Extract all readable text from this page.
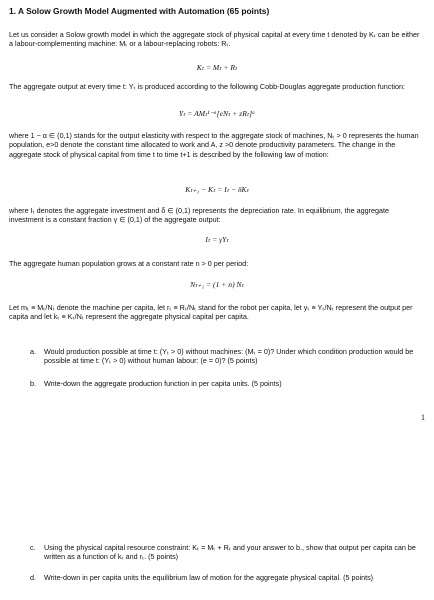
1. A Solow Growth Model Augmented with Automation (65 points)

Let us consider a Solow growth model in which the aggregate stock of physical capital at every time t denoted by Kₜ can be either a labour-complementing machine: Mₜ or a labour-replacing robots: Rₜ.

Kₜ = Mₜ + Rₜ

The aggregate output at every time t: Yₜ is produced according to the following Cobb-Douglas aggregate production function:

Yₜ = AMₜ¹⁻ᵅ[eNₜ + zRₜ]ᵅ

where 1 − α ∈ (0,1) stands for the output elasticity with respect to the aggregate stock of machines, Nₜ > 0 represents the human population, e>0 denote the constant time allocated to work and A, z >0 denote productivity parameters. The change in the aggregate stock of physical capital from time t to time t+1 is described by the following law of motion:

Kₜ₊₁ − Kₜ = Iₜ − δKₜ

where Iₜ denotes the aggregate investment and δ ∈ (0,1) represents the depreciation rate. In equilibrium, the aggregate investment is a constant fraction γ ∈ (0,1) of the aggregate output:

Iₜ = γYₜ

The aggregate human population grows at a constant rate n > 0 per period:

Nₜ₊₁ = (1 + n) Nₜ

Let mₜ ≡ Mₜ/Nₜ denote the machine per capita, let rₜ ≡ Rₜ/Nₜ stand for the robot per capita, let yₜ ≡ Yₜ/Nₜ represent the output per capita and let kₜ ≡ Kₜ/Nₜ represent the aggregate physical capital per capita.

a. Would production possible at time t: (Yₜ > 0) without machines: (Mₜ = 0)? Under which condition production would be possible at time t: (Yₜ > 0) without human labour: (e = 0)? (5 points)
b. Write-down the aggregate production function in per capita units. (5 points)
1
c. Using the physical capital resource constraint: Kₜ = Mₜ + Rₜ and your answer to b., show that output per capita can be written as a function of kₜ and rₜ. (5 points)
d. Write-down in per capita units the equilibrium law of motion for the aggregate physical capital. (5 points)
